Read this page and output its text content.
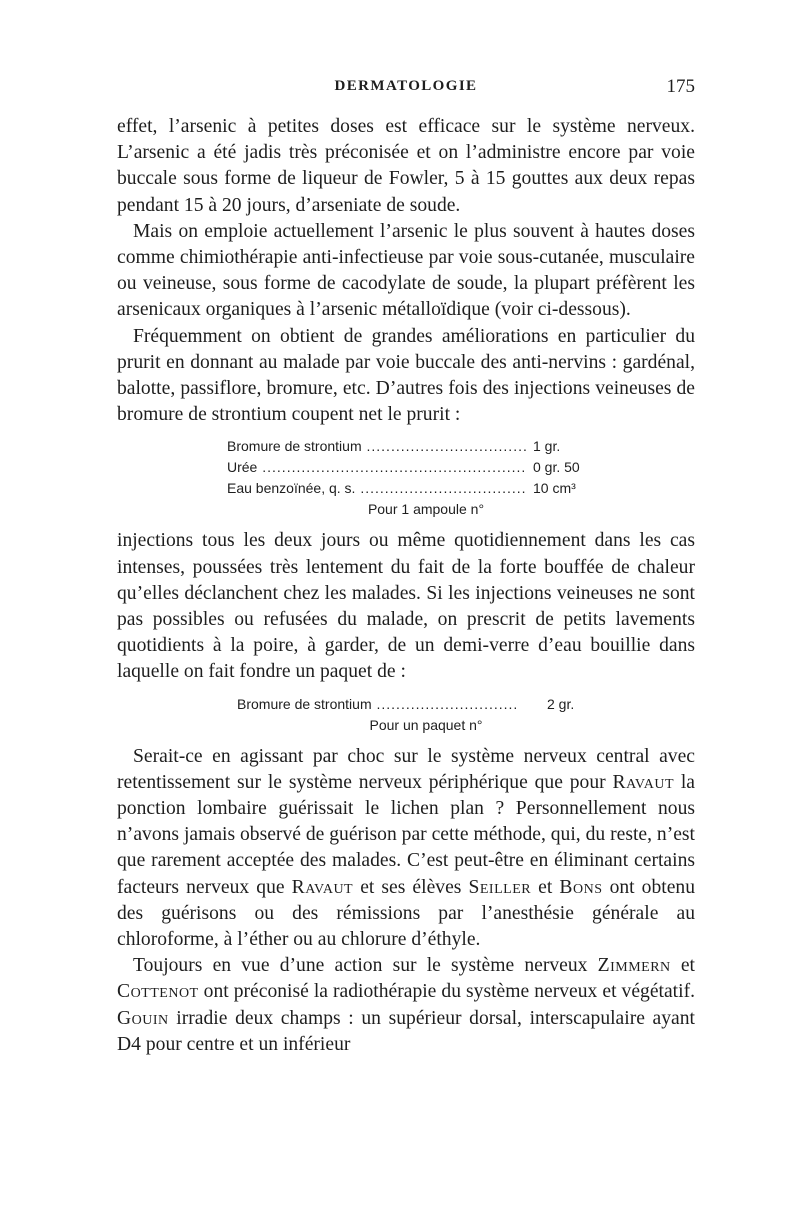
DERMATOLOGIE	175

effet, l’arsenic à petites doses est efficace sur le système nerveux. L’arsenic a été jadis très préconisée et on l’administre encore par voie buccale sous forme de liqueur de Fowler, 5 à 15 gouttes aux deux repas pendant 15 à 20 jours, d’arseniate de soude.

Mais on emploie actuellement l’arsenic le plus souvent à hautes doses comme chimiothérapie anti-infectieuse par voie sous-cutanée, musculaire ou veineuse, sous forme de cacodylate de soude, la plupart préfèrent les arsenicaux organiques à l’arsenic métalloïdique (voir ci-dessous).

Fréquemment on obtient de grandes améliorations en particulier du prurit en donnant au malade par voie buccale des anti-nervins : gardénal, balotte, passiflore, bromure, etc. D’autres fois des injections veineuses de bromure de strontium coupent net le prurit :

Bromure de strontium .....	1 gr.
Urée .....	0 gr. 50
Eau benzoïnée, q. s. .....	10 cm³
Pour 1 ampoule n°

injections tous les deux jours ou même quotidiennement dans les cas intenses, poussées très lentement du fait de la forte bouffée de chaleur qu’elles déclanchent chez les malades. Si les injections veineuses ne sont pas possibles ou refusées du malade, on prescrit de petits lavements quotidients à la poire, à garder, de un demi-verre d’eau bouillie dans laquelle on fait fondre un paquet de :

Bromure de strontium .....	2 gr.
Pour un paquet n°

Serait-ce en agissant par choc sur le système nerveux central avec retentissement sur le système nerveux périphérique que pour Ravaut la ponction lombaire guérissait le lichen plan ? Personnellement nous n’avons jamais observé de guérison par cette méthode, qui, du reste, n’est que rarement acceptée des malades. C’est peut-être en éliminant certains facteurs nerveux que Ravaut et ses élèves Seiller et Bons ont obtenu des guérisons ou des rémissions par l’anesthésie générale au chloroforme, à l’éther ou au chlorure d’éthyle.

Toujours en vue d’une action sur le système nerveux Zimmern et Cottenot ont préconisé la radiothérapie du système nerveux et végétatif. Gouin irradie deux champs : un supérieur dorsal, interscapulaire ayant D4 pour centre et un inférieur
